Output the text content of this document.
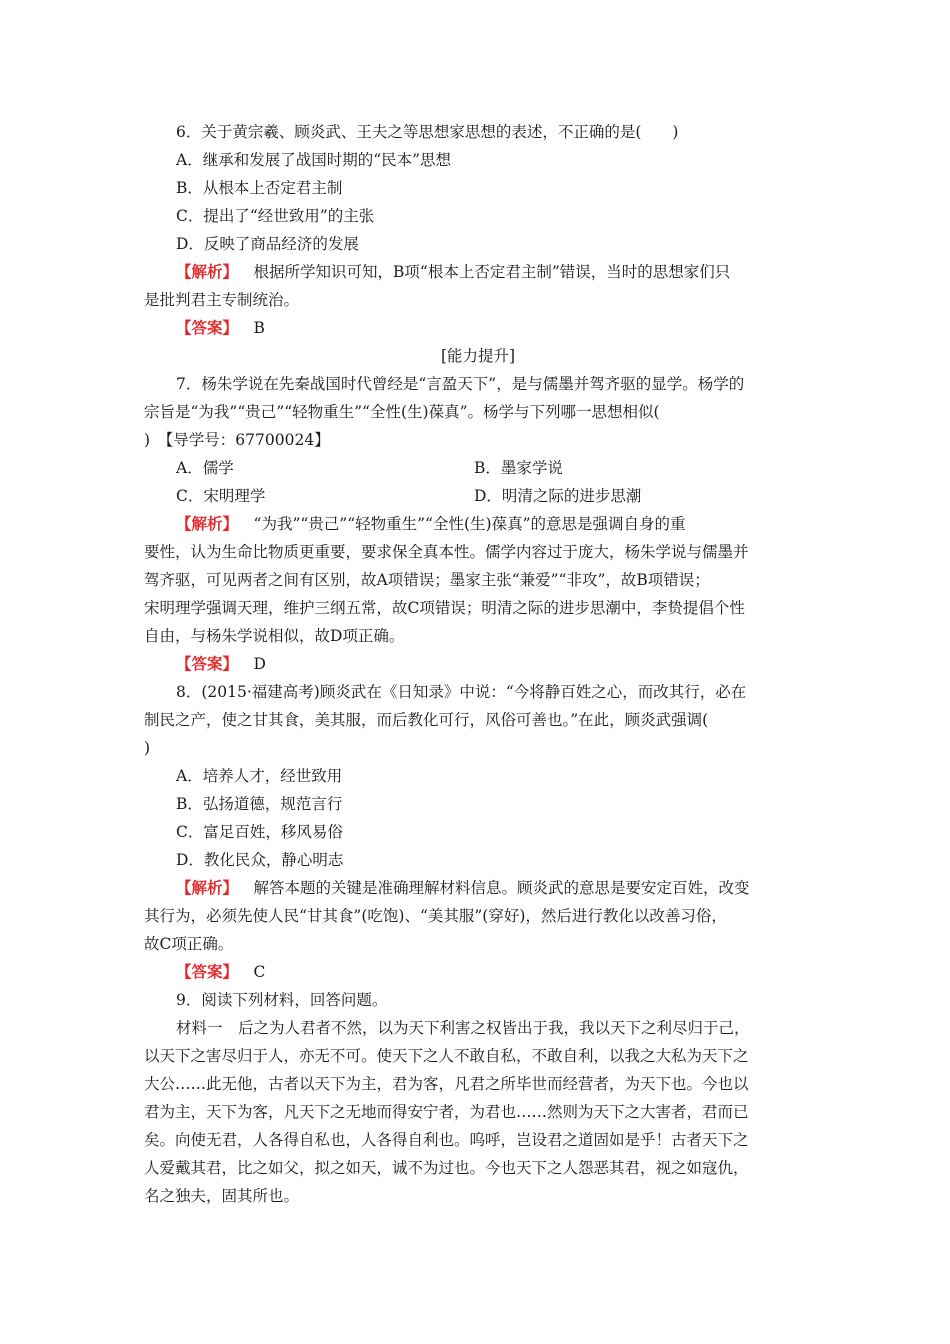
6．关于黄宗羲、顾炎武、王夫之等思想家思想的表述，不正确的是(　　)
A．继承和发展了战国时期的“民本”思想
B．从根本上否定君主制
C．提出了“经世致用”的主张
D．反映了商品经济的发展
【解析】  根据所学知识可知，B项“根本上否定君主制”错误，当时的思想家们只
是批判君主专制统治。
【答案】  B
[能力提升]
7．杨朱学说在先秦战国时代曾经是“言盈天下”，是与儒墨并驾齐驱的显学。杨学的
宗旨是“为我”“贵己”“轻物重生”“全性(生)葆真”。杨学与下列哪一思想相似(
)　【导学号：67700024】
A．儒学	B．墨家学说
C．宋明理学	D．明清之际的进步思潮
【解析】  “为我”“贵己”“轻物重生”“全性(生)葆真”的意思是强调自身的重
要性，认为生命比物质更重要，要求保全真本性。儒学内容过于庞大，杨朱学说与儒墨并
驾齐驱，可见两者之间有区别，故A项错误；墨家主张“兼爱”“非攻”，故B项错误；
宋明理学强调天理，维护三纲五常，故C项错误；明清之际的进步思潮中，李贽提倡个性
自由，与杨朱学说相似，故D项正确。
【答案】  D
8．(2015·福建高考)顾炎武在《日知录》中说：“今将静百姓之心，而改其行，必在
制民之产，使之甘其食，美其服，而后教化可行，风俗可善也。”在此，顾炎武强调(
)
A．培养人才，经世致用
B．弘扬道德，规范言行
C．富足百姓，移风易俗
D．教化民众，静心明志
【解析】  解答本题的关键是准确理解材料信息。顾炎武的意思是要安定百姓，改变
其行为，必须先使人民“甘其食”(吃饱)、“美其服”(穿好)，然后进行教化以改善习俗，
故C项正确。
【答案】  C
9．阅读下列材料，回答问题。
材料一　后之为人君者不然，以为天下利害之权皆出于我，我以天下之利尽归于己，
以天下之害尽归于人，亦无不可。使天下之人不敢自私，不敢自利，以我之大私为天下之
大公……此无他，古者以天下为主，君为客，凡君之所毕世而经营者，为天下也。今也以
君为主，天下为客，凡天下之无地而得安宁者，为君也……然则为天下之大害者，君而已
矣。向使无君，人各得自私也，人各得自利也。呜呼，岂设君之道固如是乎！古者天下之
人爱戴其君，比之如父，拟之如天，诚不为过也。今也天下之人怨恶其君，视之如寇仇，
名之独夫，固其所也。
